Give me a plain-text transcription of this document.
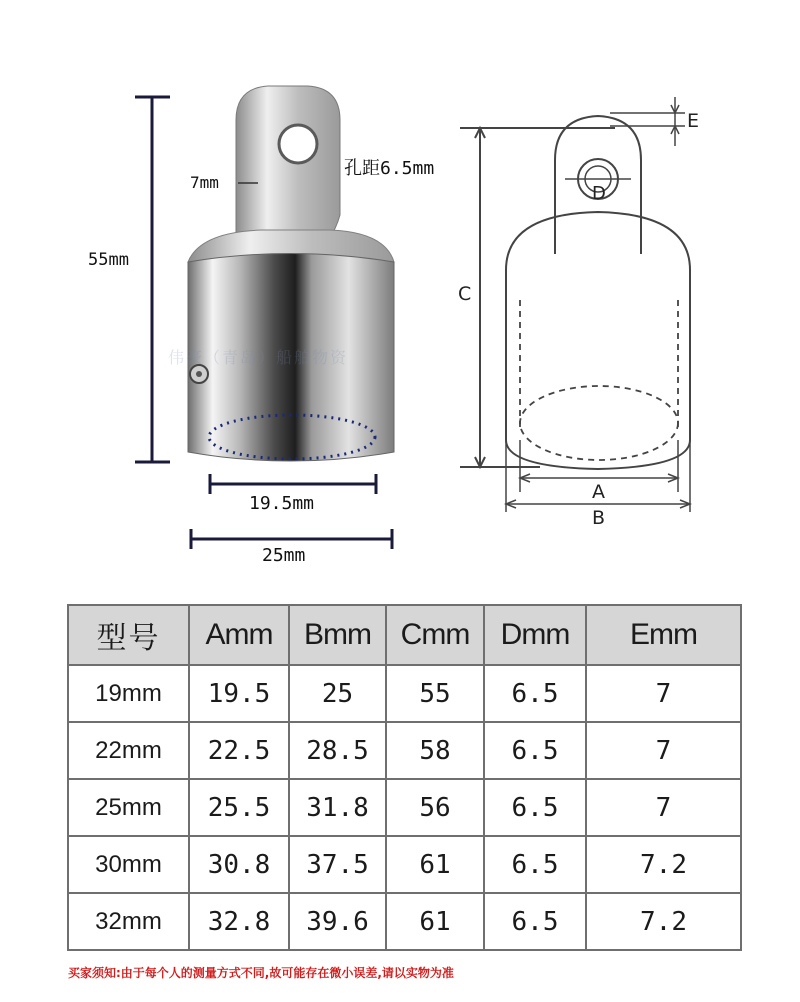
55mm
7mm
孔距6.5mm
19.5mm
25mm
伟豪（青岛）船舶物资
E
C
D
A
B
型号	Amm	Bmm	Cmm	Dmm	Emm
19mm	19.5	25	55	6.5	7
22mm	22.5	28.5	58	6.5	7
25mm	25.5	31.8	56	6.5	7
30mm	30.8	37.5	61	6.5	7.2
32mm	32.8	39.6	61	6.5	7.2
买家须知:由于每个人的测量方式不同,故可能存在微小误差,请以实物为准
